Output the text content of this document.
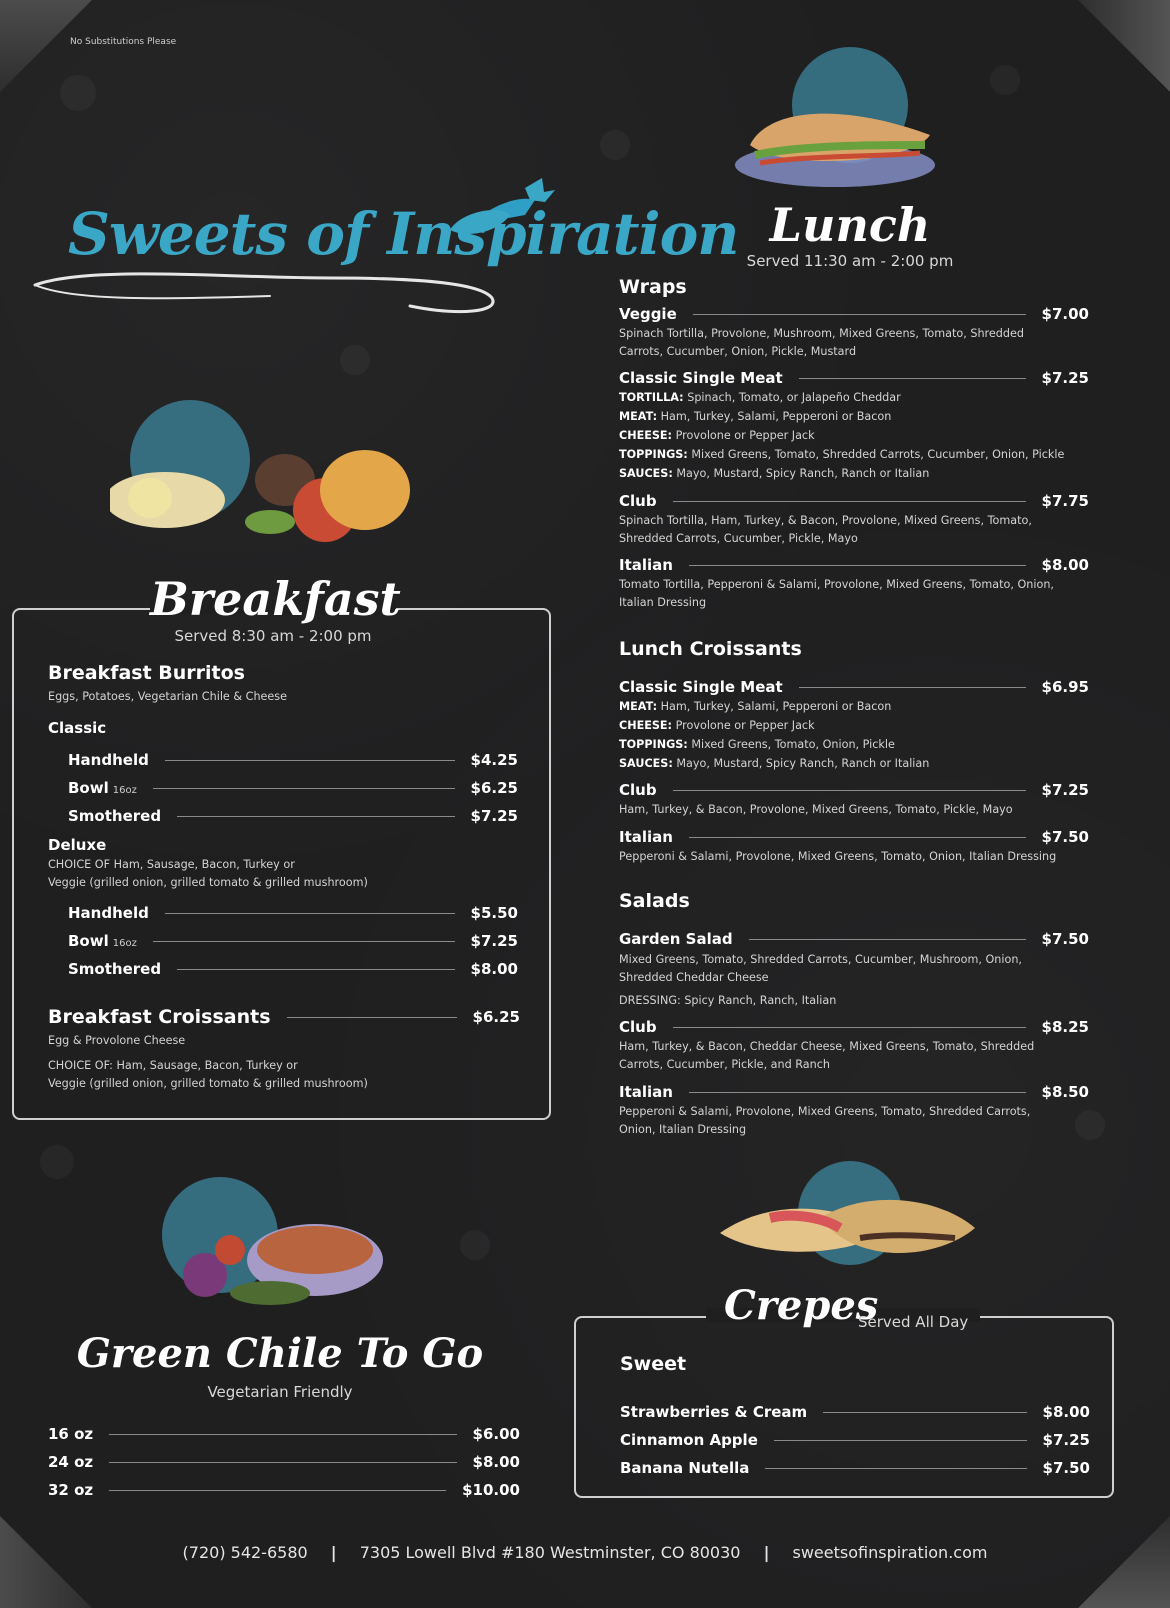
No Substitutions Please
Sweets of Inspiration
Breakfast
Served 8:30 am - 2:00 pm
Breakfast Burritos
Eggs, Potatoes, Vegetarian Chile & Cheese
Classic
Handheld	$4.25
Bowl 16oz	$6.25
Smothered	$7.25
Deluxe
CHOICE OF Ham, Sausage, Bacon, Turkey or
Veggie (grilled onion, grilled tomato & grilled mushroom)
Handheld	$5.50
Bowl 16oz	$7.25
Smothered	$8.00
Breakfast Croissants	$6.25
Egg & Provolone Cheese
CHOICE OF: Ham, Sausage, Bacon, Turkey or
Veggie (grilled onion, grilled tomato & grilled mushroom)
Green Chile To Go
Vegetarian Friendly
16 oz	$6.00
24 oz	$8.00
32 oz	$10.00
Lunch
Served 11:30 am - 2:00 pm
Wraps
Veggie	$7.00
Spinach Tortilla, Provolone, Mushroom, Mixed Greens, Tomato, Shredded
Carrots, Cucumber, Onion, Pickle, Mustard
Classic Single Meat	$7.25
TORTILLA: Spinach, Tomato, or Jalapeño Cheddar
MEAT: Ham, Turkey, Salami, Pepperoni or Bacon
CHEESE: Provolone or Pepper Jack
TOPPINGS: Mixed Greens, Tomato, Shredded Carrots, Cucumber, Onion, Pickle
SAUCES: Mayo, Mustard, Spicy Ranch, Ranch or Italian
Club	$7.75
Spinach Tortilla, Ham, Turkey, & Bacon, Provolone, Mixed Greens, Tomato,
Shredded Carrots, Cucumber, Pickle, Mayo
Italian	$8.00
Tomato Tortilla, Pepperoni & Salami, Provolone, Mixed Greens, Tomato, Onion,
Italian Dressing
Lunch Croissants
Classic Single Meat	$6.95
MEAT: Ham, Turkey, Salami, Pepperoni or Bacon
CHEESE: Provolone or Pepper Jack
TOPPINGS: Mixed Greens, Tomato, Onion, Pickle
SAUCES: Mayo, Mustard, Spicy Ranch, Ranch or Italian
Club	$7.25
Ham, Turkey, & Bacon, Provolone, Mixed Greens, Tomato, Pickle, Mayo
Italian	$7.50
Pepperoni & Salami, Provolone, Mixed Greens, Tomato, Onion, Italian Dressing
Salads
Garden Salad	$7.50
Mixed Greens, Tomato, Shredded Carrots, Cucumber, Mushroom, Onion,
Shredded Cheddar Cheese
DRESSING: Spicy Ranch, Ranch, Italian
Club	$8.25
Ham, Turkey, & Bacon, Cheddar Cheese, Mixed Greens, Tomato, Shredded
Carrots, Cucumber, Pickle, and Ranch
Italian	$8.50
Pepperoni & Salami, Provolone, Mixed Greens, Tomato, Shredded Carrots,
Onion, Italian Dressing
Crepes
Served All Day
Sweet
Strawberries & Cream	$8.00
Cinnamon Apple	$7.25
Banana Nutella	$7.50
(720) 542-6580 | 7305 Lowell Blvd #180 Westminster, CO 80030 | sweetsofinspiration.com
